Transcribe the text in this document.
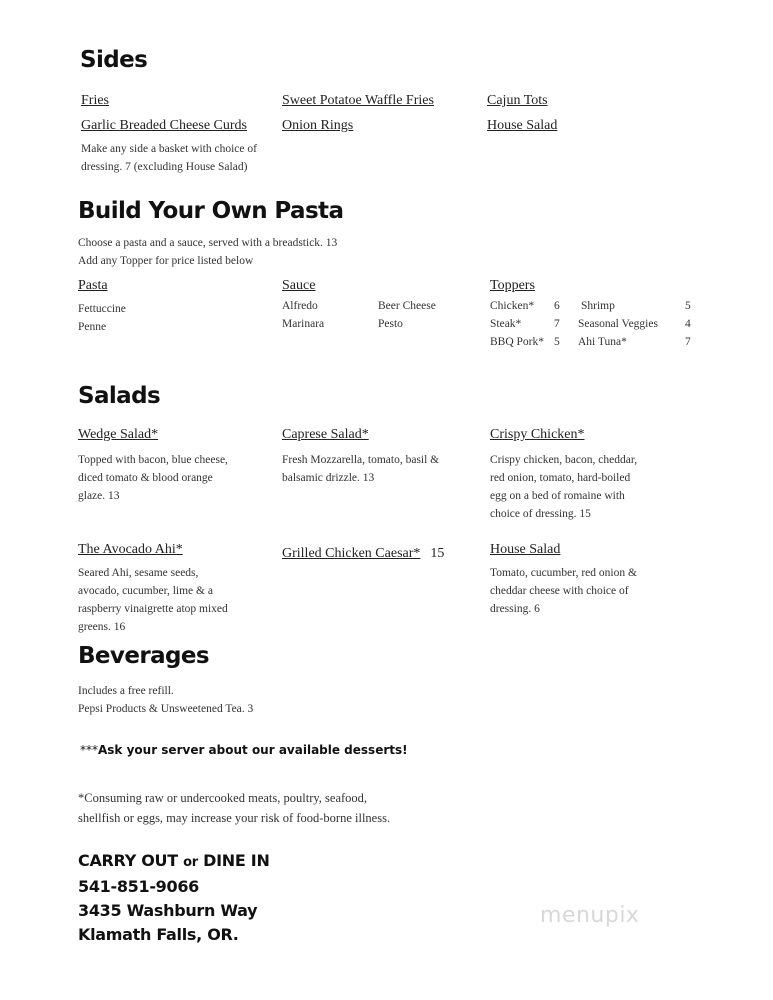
Sides
Fries	Sweet Potatoe Waffle Fries	Cajun Tots
Garlic Breaded Cheese Curds	Onion Rings	House Salad
Make any side a basket with choice of
dressing. 7 (excluding House Salad)
Build Your Own Pasta
Choose a pasta and a sauce, served with a breadstick. 13
Add any Topper for price listed below
Pasta
Fettuccine
Penne
Sauce
Alfredo	Beer Cheese
Marinara	Pesto
Toppers
Chicken* 6 Shrimp	5
Steak*	7 Seasonal Veggies 4
BBQ Pork* 5 Ahi Tuna*	7
Salads
Wedge Salad*
Topped with bacon, blue cheese,
diced tomato & blood orange
glaze. 13
Caprese Salad*
Fresh Mozzarella, tomato, basil &
balsamic drizzle. 13
Crispy Chicken*
Crispy chicken, bacon, cheddar,
red onion, tomato, hard-boiled
egg on a bed of romaine with
choice of dressing. 15
The Avocado Ahi*
Seared Ahi, sesame seeds,
avocado, cucumber, lime & a
raspberry vinaigrette atop mixed
greens. 16
Grilled Chicken Caesar* 15	House Salad
Tomato, cucumber, red onion &
cheddar cheese with choice of
dressing. 6
Beverages
Includes a free refill.
Pepsi Products & Unsweetened Tea. 3
***Ask your server about our available desserts!
*Consuming raw or undercooked meats, poultry, seafood,
shellfish or eggs, may increase your risk of food-borne illness.
CARRY OUT or DINE IN
541-851-9066
3435 Washburn Way
Klamath Falls, OR.
menupix
